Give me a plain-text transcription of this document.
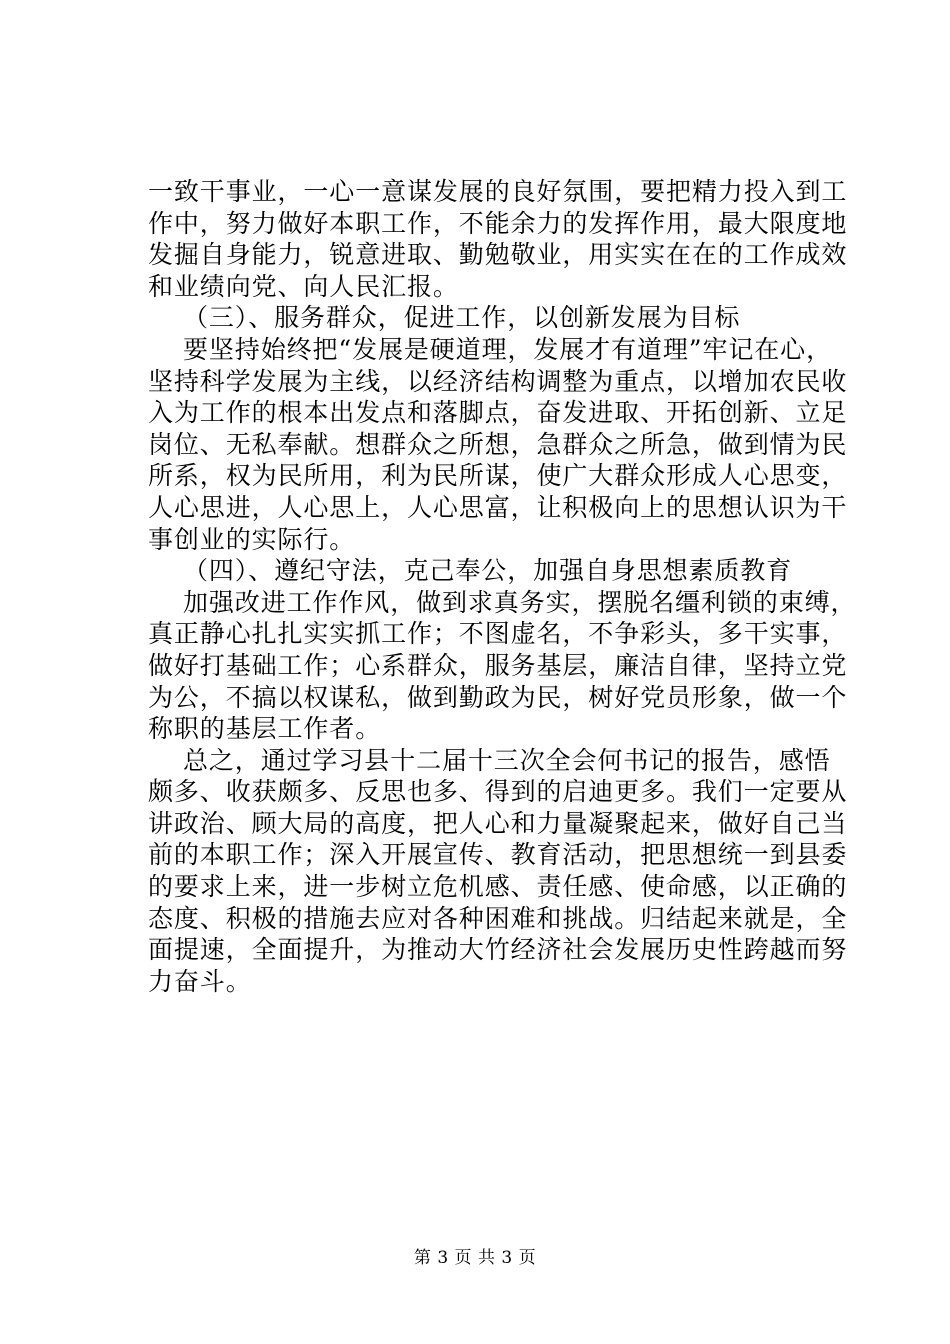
一致干事业，一心一意谋发展的良好氛围，要把精力投入到工
作中，努力做好本职工作，不能余力的发挥作用，最大限度地
发掘自身能力，锐意进取、勤勉敬业，用实实在在的工作成效
和业绩向党、向人民汇报。
（三）、服务群众，促进工作，以创新发展为目标
要坚持始终把“发展是硬道理，发展才有道理”牢记在心，
坚持科学发展为主线，以经济结构调整为重点，以增加农民收
入为工作的根本出发点和落脚点，奋发进取、开拓创新、立足
岗位、无私奉献。想群众之所想，急群众之所急，做到情为民
所系，权为民所用，利为民所谋，使广大群众形成人心思变，
人心思进，人心思上，人心思富，让积极向上的思想认识为干
事创业的实际行。
（四）、遵纪守法，克己奉公，加强自身思想素质教育
加强改进工作作风，做到求真务实，摆脱名缰利锁的束缚，
真正静心扎扎实实抓工作；不图虚名，不争彩头，多干实事，
做好打基础工作；心系群众，服务基层，廉洁自律，坚持立党
为公，不搞以权谋私，做到勤政为民，树好党员形象，做一个
称职的基层工作者。
总之，通过学习县十二届十三次全会何书记的报告，感悟
颇多、收获颇多、反思也多、得到的启迪更多。我们一定要从
讲政治、顾大局的高度，把人心和力量凝聚起来，做好自己当
前的本职工作；深入开展宣传、教育活动，把思想统一到县委
的要求上来，进一步树立危机感、责任感、使命感，以正确的
态度、积极的措施去应对各种困难和挑战。归结起来就是，全
面提速，全面提升，为推动大竹经济社会发展历史性跨越而努
力奋斗。
第 3 页 共 3 页
